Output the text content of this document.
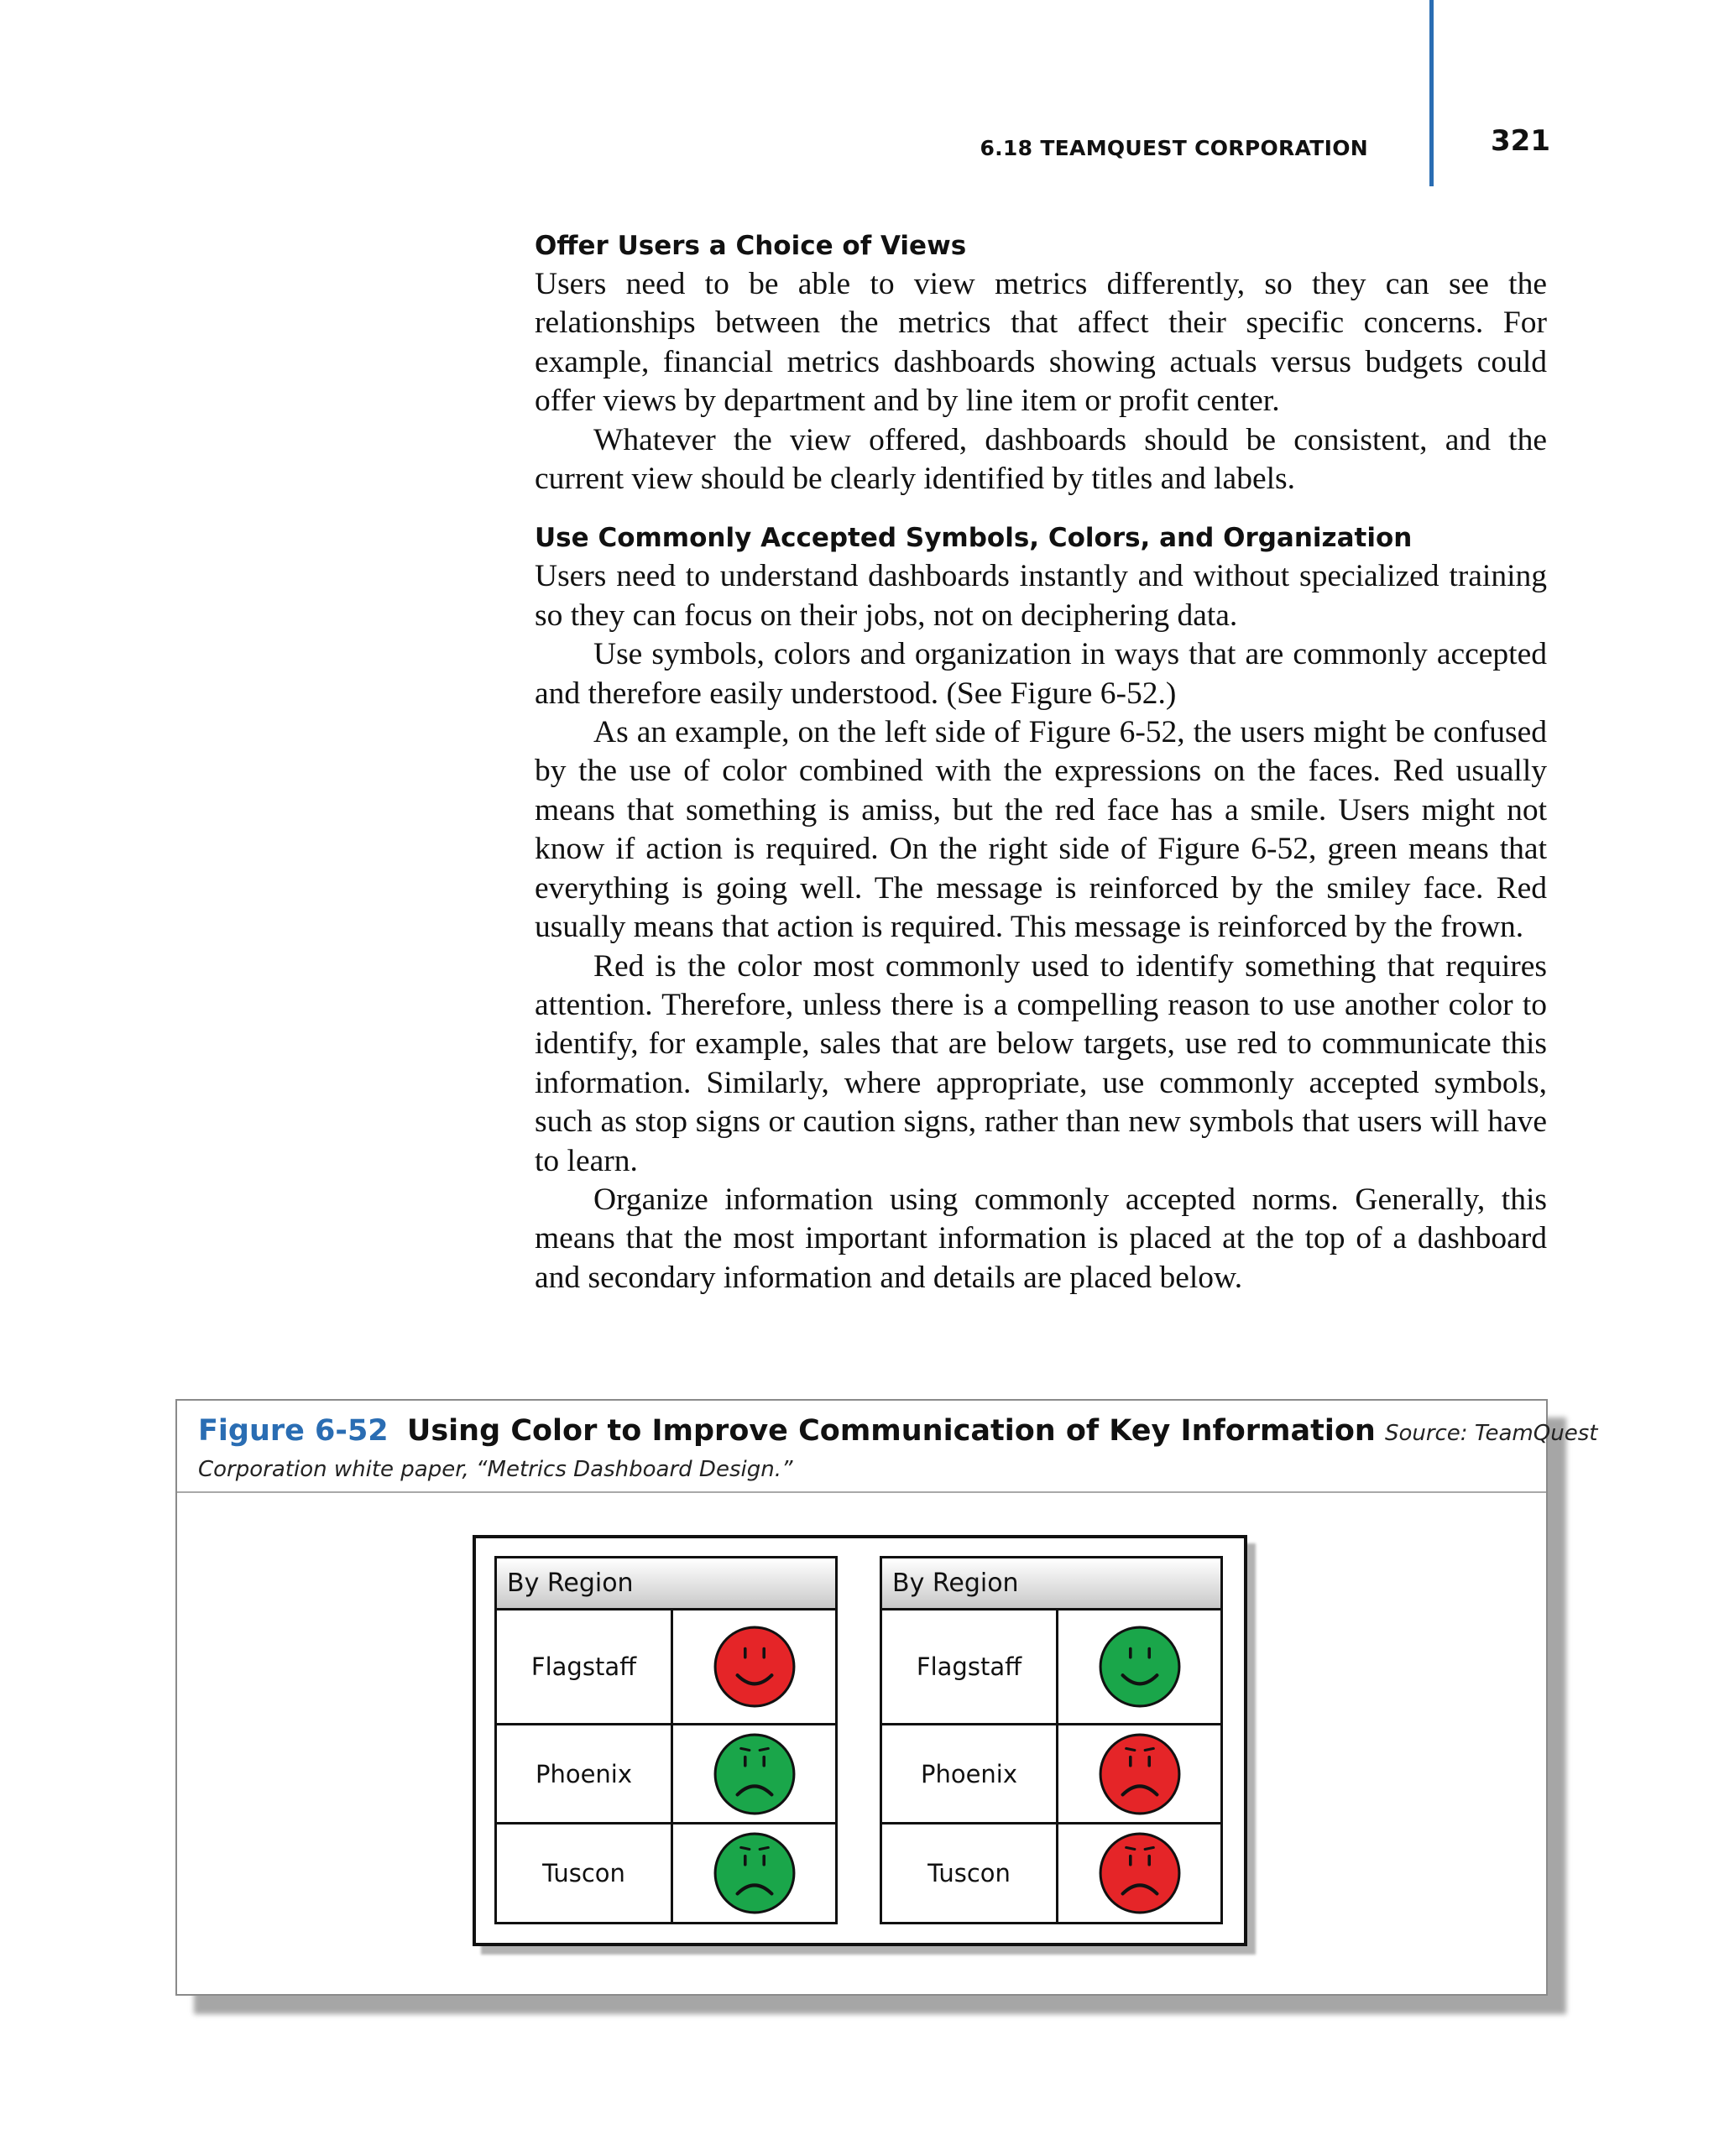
6.18 TEAMQUEST CORPORATION	321
Offer Users a Choice of Views

Users need to be able to view metrics differently, so they can see the relationships between the metrics that affect their specific concerns. For example, financial metrics dashboards showing actuals versus budgets could offer views by department and by line item or profit center.

Whatever the view offered, dashboards should be consistent, and the current view should be clearly identified by titles and labels.

Use Commonly Accepted Symbols, Colors, and Organization

Users need to understand dashboards instantly and without specialized training so they can focus on their jobs, not on deciphering data.

Use symbols, colors and organization in ways that are commonly accepted and therefore easily understood. (See Figure 6-52.)

As an example, on the left side of Figure 6-52, the users might be confused by the use of color combined with the expressions on the faces. Red usually means that something is amiss, but the red face has a smile. Users might not know if action is required. On the right side of Figure 6-52, green means that everything is going well. The message is reinforced by the smiley face. Red usually means that action is required. This message is reinforced by the frown.

Red is the color most commonly used to identify something that requires attention. Therefore, unless there is a compelling reason to use another color to identify, for example, sales that are below targets, use red to communicate this information. Similarly, where appropriate, use commonly accepted symbols, such as stop signs or caution signs, rather than new symbols that users will have to learn.

Organize information using commonly accepted norms. Generally, this means that the most important information is placed at the top of a dashboard and secondary information and details are placed below.

Figure 6-52 Using Color to Improve Communication of Key Information Source: TeamQuest
Corporation white paper, “Metrics Dashboard Design.”
By Region
Flagstaff
Phoenix
Tuscon
By Region
Flagstaff
Phoenix
Tuscon
